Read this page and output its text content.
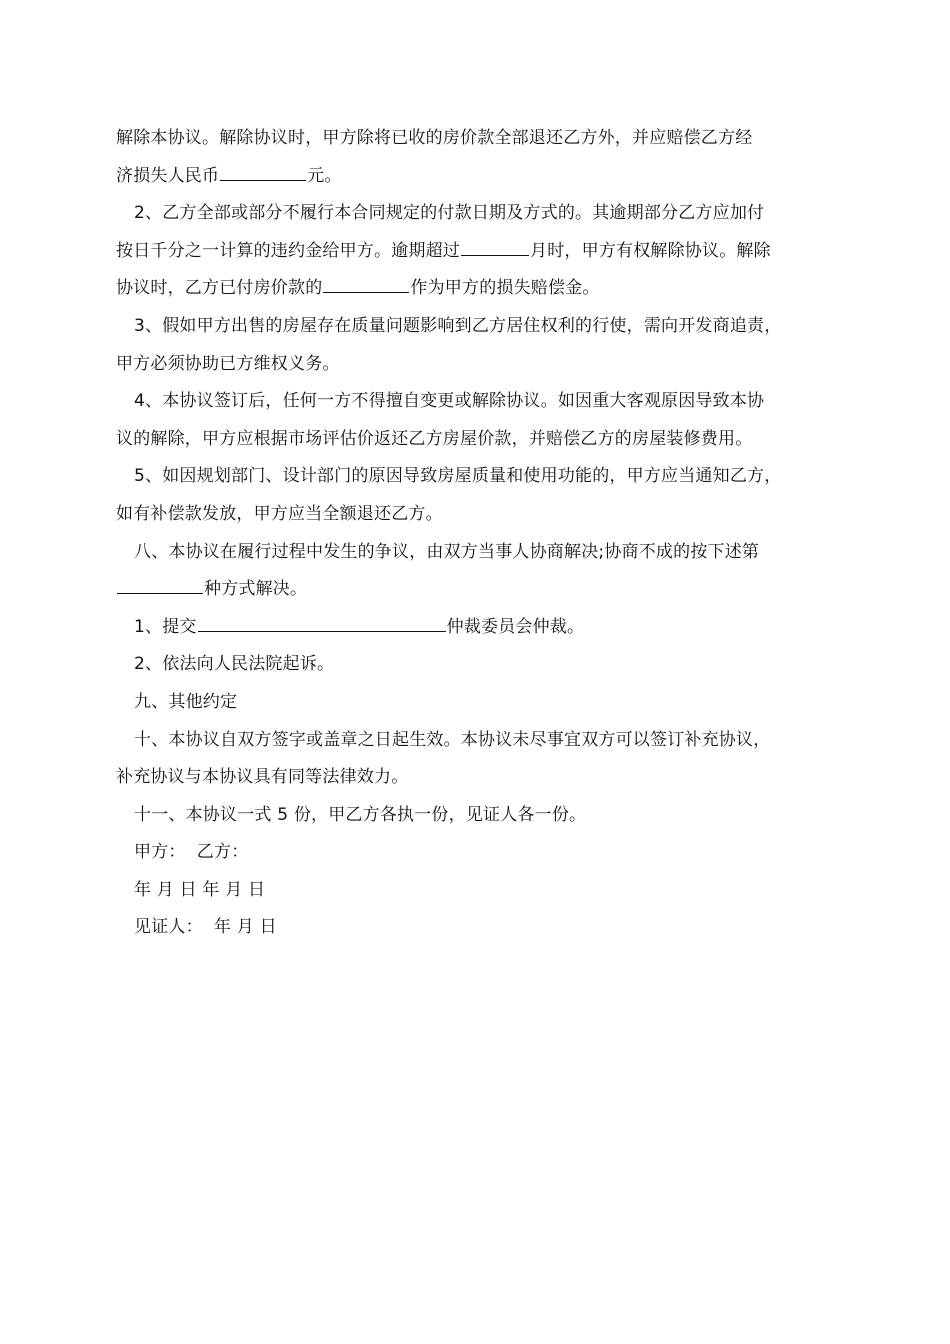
解除本协议。解除协议时，甲方除将已收的房价款全部退还乙方外，并应赔偿乙方经
济损失人民币	元。
2、乙方全部或部分不履行本合同规定的付款日期及方式的。其逾期部分乙方应加付
按日千分之一计算的违约金给甲方。逾期超过	月时，甲方有权解除协议。解除
协议时，乙方已付房价款的	作为甲方的损失赔偿金。
3、假如甲方出售的房屋存在质量问题影响到乙方居住权利的行使，需向开发商追责，
甲方必须协助已方维权义务。
4、本协议签订后，任何一方不得擅自变更或解除协议。如因重大客观原因导致本协
议的解除，甲方应根据市场评估价返还乙方房屋价款，并赔偿乙方的房屋装修费用。
5、如因规划部门、设计部门的原因导致房屋质量和使用功能的，甲方应当通知乙方，
如有补偿款发放，甲方应当全额退还乙方。
八、本协议在履行过程中发生的争议，由双方当事人协商解决;协商不成的按下述第
种方式解决。
1、提交	仲裁委员会仲裁。
2、依法向人民法院起诉。
九、其他约定
十、本协议自双方签字或盖章之日起生效。本协议未尽事宜双方可以签订补充协议，
补充协议与本协议具有同等法律效力。
十一、本协议一式 5 份，甲乙方各执一份，见证人各一份。
甲方：  乙方：
年 月 日 年 月 日
见证人：  年 月 日
